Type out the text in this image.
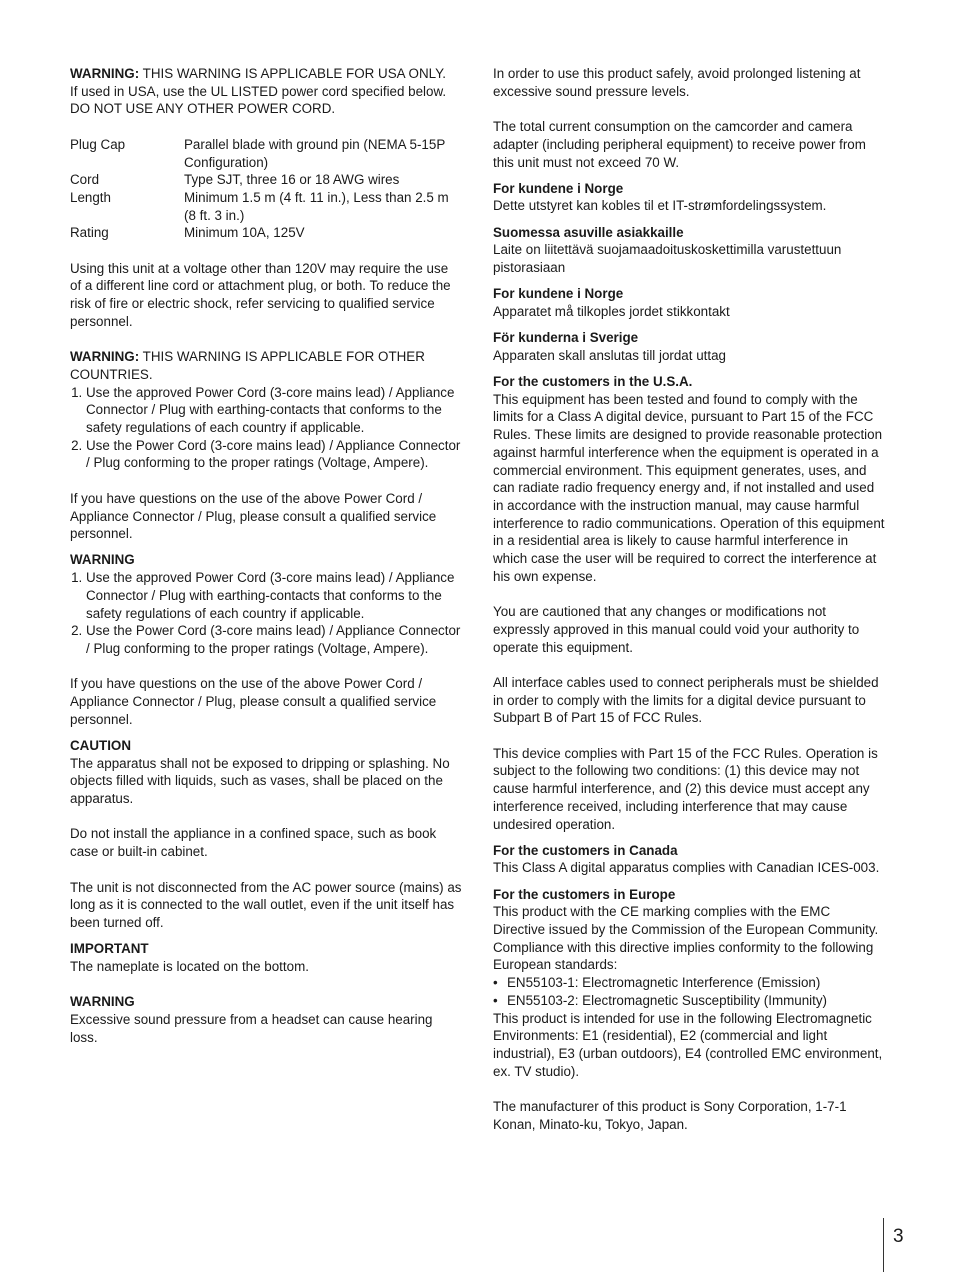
WARNING: THIS WARNING IS APPLICABLE FOR USA ONLY.

If used in USA, use the UL LISTED power cord specified below.

DO NOT USE ANY OTHER POWER CORD.

Plug Cap	Parallel blade with ground pin (NEMA 5-15P Configuration)
Cord	Type SJT, three 16 or 18 AWG wires
Length	Minimum 1.5 m (4 ft. 11 in.), Less than 2.5 m (8 ft. 3 in.)
Rating	Minimum 10A, 125V

Using this unit at a voltage other than 120V may require the use of a different line cord or attachment plug, or both. To reduce the risk of fire or electric shock, refer servicing to qualified service personnel.

WARNING: THIS WARNING IS APPLICABLE FOR OTHER COUNTRIES.

1. Use the approved Power Cord (3-core mains lead) / Appliance Connector / Plug with earthing-contacts that conforms to the safety regulations of each country if applicable.
2. Use the Power Cord (3-core mains lead) / Appliance Connector / Plug conforming to the proper ratings (Voltage, Ampere).

If you have questions on the use of the above Power Cord / Appliance Connector / Plug, please consult a qualified service personnel.

WARNING

1. Use the approved Power Cord (3-core mains lead) / Appliance Connector / Plug with earthing-contacts that conforms to the safety regulations of each country if applicable.
2. Use the Power Cord (3-core mains lead) / Appliance Connector / Plug conforming to the proper ratings (Voltage, Ampere).

If you have questions on the use of the above Power Cord / Appliance Connector / Plug, please consult a qualified service personnel.

CAUTION

The apparatus shall not be exposed to dripping or splashing. No objects filled with liquids, such as vases, shall be placed on the apparatus.

Do not install the appliance in a confined space, such as book case or built-in cabinet.

The unit is not disconnected from the AC power source (mains) as long as it is connected to the wall outlet, even if the unit itself has been turned off.

IMPORTANT

The nameplate is located on the bottom.

WARNING

Excessive sound pressure from a headset can cause hearing loss.

In order to use this product safely, avoid prolonged listening at excessive sound pressure levels.

The total current consumption on the camcorder and camera adapter (including peripheral equipment) to receive power from this unit must not exceed 70 W.

For kundene i Norge

Dette utstyret kan kobles til et IT-strømfordelingssystem.

Suomessa asuville asiakkaille

Laite on liitettävä suojamaadoituskoskettimilla varustettuun pistorasiaan

For kundene i Norge

Apparatet må tilkoples jordet stikkontakt

För kunderna i Sverige

Apparaten skall anslutas till jordat uttag

For the customers in the U.S.A.

This equipment has been tested and found to comply with the limits for a Class A digital device, pursuant to Part 15 of the FCC Rules. These limits are designed to provide reasonable protection against harmful interference when the equipment is operated in a commercial environment. This equipment generates, uses, and can radiate radio frequency energy and, if not installed and used in accordance with the instruction manual, may cause harmful interference to radio communications. Operation of this equipment in a residential area is likely to cause harmful interference in which case the user will be required to correct the interference at his own expense.

You are cautioned that any changes or modifications not expressly approved in this manual could void your authority to operate this equipment.

All interface cables used to connect peripherals must be shielded in order to comply with the limits for a digital device pursuant to Subpart B of Part 15 of FCC Rules.

This device complies with Part 15 of the FCC Rules. Operation is subject to the following two conditions: (1) this device may not cause harmful interference, and (2) this device must accept any interference received, including interference that may cause undesired operation.

For the customers in Canada

This Class A digital apparatus complies with Canadian ICES-003.

For the customers in Europe

This product with the CE marking complies with the EMC Directive issued by the Commission of the European Community.

Compliance with this directive implies conformity to the following European standards:

• EN55103-1: Electromagnetic Interference (Emission)
• EN55103-2: Electromagnetic Susceptibility (Immunity)

This product is intended for use in the following Electromagnetic Environments: E1 (residential), E2 (commercial and light industrial), E3 (urban outdoors), E4 (controlled EMC environment, ex. TV studio).

The manufacturer of this product is Sony Corporation, 1-7-1 Konan, Minato-ku, Tokyo, Japan.

3
